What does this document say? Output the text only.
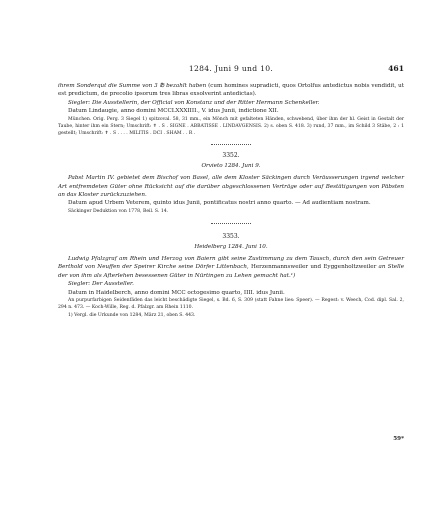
1284. Juni 9 und 10.	461

ihrem Sonderqut die Summe von 3 ℔ bezahlt haben (cum homines supradicti, quos Ortolfus antedictus nobis vendidit, ut est predictum, de precolio ipsorum tres libras exsolverint antedictas).

Siegler: Die Ausstellerin, der Official von Konstanz und der Ritter Hermann Schenkeller.

Datum Lindaugie, anno domini MCCLXXXIIII., V. idus Junii, indictione XII.

München. Orig. Perg. 3 Siegel 1) spitzoval. 58, 31 mm., ein Mönch mit gefalteten Händen, schwebend, über ihm der hl. Geist in Gestalt der Taube, hinter ihm ein Stern; Umschrift: ✝ . S . SIGNE . ABBATISSE . LINDAVGENSIS. 2) s. oben S. 418. 3) rund, 37 mm., im Schild 3 Stäbe, 2 : 1 gestellt; Umschrift: ✝ . S . . . . MILITIS . DCI . SHAM . . R .

3352.
Orvieto 1284. Juni 9.

Pabst Martin IV. gebietet dem Bischof von Basel, alle dem Kloster Säckingen durch Veräusserungen irgend welcher Art entfremdeten Güter ohne Rücksicht auf die darüber abgeschlossenen Verträge oder auf Bestätigungen von Päbsten an das Kloster zurückzuziehen.

Datum apud Urbem Veterem, quinto idus Junii, pontificatus nostri anno quarto. — Ad audientiam nostram.

Säckinger Deduktion von 1778, Beil. S. 14.

3353.
Heidelberg 1284. Juni 10.

Ludwig Pfalzgraf am Rhein und Herzog von Baiern gibt seine Zustimmung zu dem Tausch, durch den sein Getreuer Berthold von Neuffen der Speirer Kirche seine Dörfer Littenbach, Herzenmannsweiler und Eyggenholtzweiler an Stelle der von ihm als Afterlehen besessenen Güter in Nürtingen zu Lehen gemacht hat.¹)

Siegler: Der Aussteller.

Datum in Haidelberch, anno domini MCC octogesimo quarto, IIII. idus Junii.

An purpurfarbigen Seidenfäden das leicht beschädigte Siegel, s. Bd. 6, S. 309 (statt Fahne lies: Speer). — Regest: v. Weech, Cod. dipl. Sal. 2, 294 n. 473. — Koch-Wille, Reg. d. Pfalzgr. am Rhein 1110.

1) Vergl. die Urkunde von 1284, März 21, oben S. 443.

59*
